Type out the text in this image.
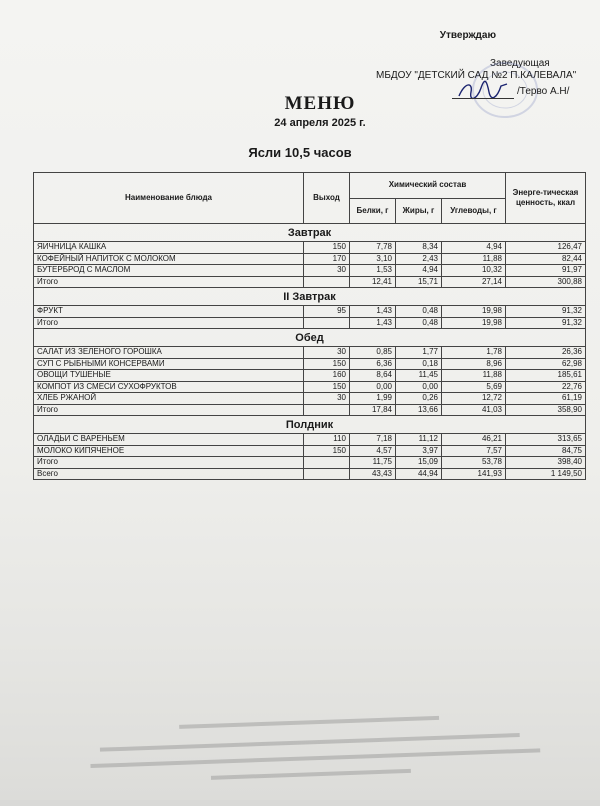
Утверждаю
Заведующая
МБДОУ "ДЕТСКИЙ САД №2 П.КАЛЕВАЛА"
/Терво А.Н/
МЕНЮ
24 апреля 2025 г.
Ясли 10,5 часов
Наименование блюда	Выход	Химический состав			Энерге-тическая ценность, ккал
		Белки, г	Жиры, г	Углеводы, г	
Завтрак					
ЯИЧНИЦА КАШКА	150	7,78	8,34	4,94	126,47
КОФЕЙНЫЙ НАПИТОК С МОЛОКОМ	170	3,10	2,43	11,88	82,44
БУТЕРБРОД С МАСЛОМ	30	1,53	4,94	10,32	91,97
Итого		12,41	15,71	27,14	300,88
II Завтрак					
ФРУКТ	95	1,43	0,48	19,98	91,32
Итого		1,43	0,48	19,98	91,32
Обед					
САЛАТ ИЗ ЗЕЛЕНОГО ГОРОШКА	30	0,85	1,77	1,78	26,36
СУП С РЫБНЫМИ КОНСЕРВАМИ	150	6,36	0,18	8,96	62,98
ОВОЩИ ТУШЕНЫЕ	160	8,64	11,45	11,88	185,61
КОМПОТ ИЗ СМЕСИ СУХОФРУКТОВ	150	0,00	0,00	5,69	22,76
ХЛЕБ РЖАНОЙ	30	1,99	0,26	12,72	61,19
Итого		17,84	13,66	41,03	358,90
Полдник					
ОЛАДЬИ С ВАРЕНЬЕМ	110	7,18	11,12	46,21	313,65
МОЛОКО КИПЯЧЕНОЕ	150	4,57	3,97	7,57	84,75
Итого		11,75	15,09	53,78	398,40
Всего		43,43	44,94	141,93	1 149,50
